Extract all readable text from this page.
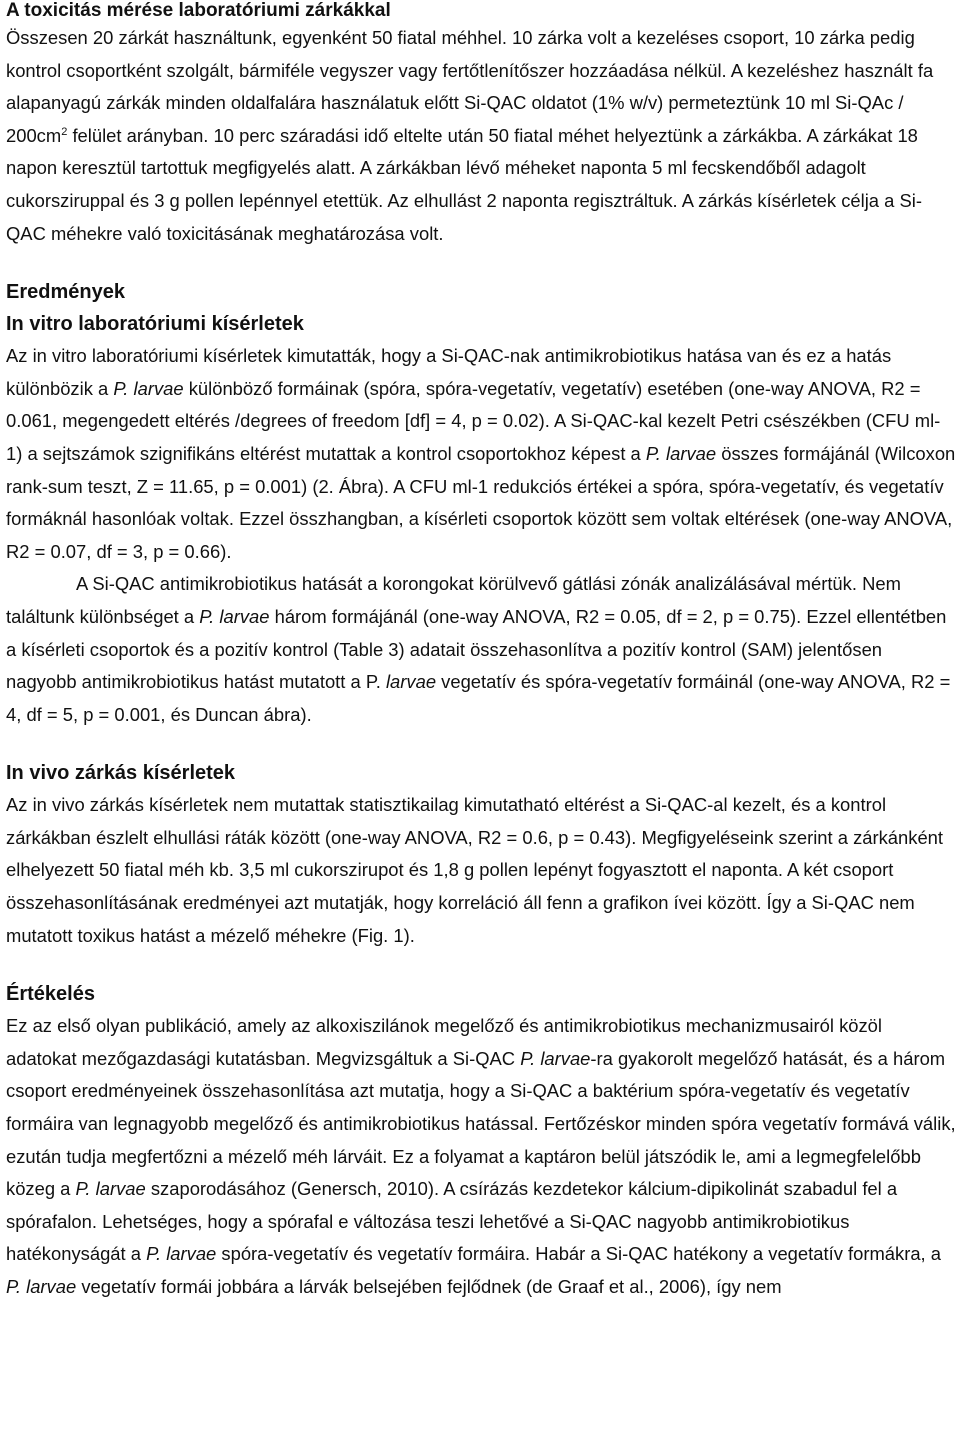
A toxicitás mérése laboratóriumi zárkákkal

Összesen 20 zárkát használtunk, egyenként 50 fiatal méhhel. 10 zárka volt a kezeléses csoport, 10 zárka pedig kontrol csoportként szolgált, bármiféle vegyszer vagy fertőtlenítőszer hozzáadása nélkül. A kezeléshez használt fa alapanyagú zárkák minden oldalfalára használatuk előtt Si-QAC oldatot (1% w/v) permeteztünk 10 ml $Si-QAc / 200cm^2$ felület arányban. 10 perc száradási idő eltelte után 50 fiatal méhet helyeztünk a zárkákba. A zárkákat 18 napon keresztül tartottuk megfigyelés alatt. A zárkákban lévő méheket naponta 5 ml fecskendőből adagolt cukorsziruppal és 3 g pollen lepénnyel etettük. Az elhullást 2 naponta regisztráltuk. A zárkás kísérletek célja a Si-QAC méhekre való toxicitásának meghatározása volt.

Eredmények
In vitro laboratóriumi kísérletek

Az in vitro laboratóriumi kísérletek kimutatták, hogy a Si-QAC-nak antimikrobiotikus hatása van és ez a hatás különbözik a P. larvae különböző formáinak (spóra, spóra-vegetatív, vegetatív) esetében (one-way ANOVA, R2 = 0.061, megengedett eltérés /degrees of freedom [df] = 4, p = 0.02). A Si-QAC-kal kezelt Petri csészékben (CFU ml-1) a sejtszámok szignifikáns eltérést mutattak a kontrol csoportokhoz képest a P. larvae összes formájánál (Wilcoxon rank-sum teszt, Z = 11.65, p = 0.001) (2. Ábra). A CFU ml-1 redukciós értékei a spóra, spóra-vegetatív, és vegetatív formáknál hasonlóak voltak. Ezzel összhangban, a kísérleti csoportok között sem voltak eltérések (one-way ANOVA, R2 = 0.07, df = 3, p = 0.66).

A Si-QAC antimikrobiotikus hatását a korongokat körülvevő gátlási zónák analizálásával mértük. Nem találtunk különbséget a P. larvae három formájánál (one-way ANOVA, R2 = 0.05, df = 2, p = 0.75). Ezzel ellentétben a kísérleti csoportok és a pozitív kontrol (Table 3) adatait összehasonlítva a pozitív kontrol (SAM) jelentősen nagyobb antimikrobiotikus hatást mutatott a P. larvae vegetatív és spóra-vegetatív formáinál (one-way ANOVA, R2 = 4, df = 5, p = 0.001, és Duncan ábra).

In vivo zárkás kísérletek

Az in vivo zárkás kísérletek nem mutattak statisztikailag kimutatható eltérést a Si-QAC-al kezelt, és a kontrol zárkákban észlelt elhullási ráták között (one-way ANOVA, R2 = 0.6, p = 0.43). Megfigyeléseink szerint a zárkánként elhelyezett 50 fiatal méh kb. 3,5 ml cukorszirupot és 1,8 g pollen lepényt fogyasztott el naponta. A két csoport összehasonlításának eredményei azt mutatják, hogy korreláció áll fenn a grafikon ívei között. Így a Si-QAC nem mutatott toxikus hatást a mézelő méhekre (Fig. 1).

Értékelés

Ez az első olyan publikáció, amely az alkoxiszilánok megelőző és antimikrobiotikus mechanizmusairól közöl adatokat mezőgazdasági kutatásban. Megvizsgáltuk a Si-QAC P. larvae-ra gyakorolt megelőző hatását, és a három csoport eredményeinek összehasonlítása azt mutatja, hogy a Si-QAC a baktérium spóra-vegetatív és vegetatív formáira van legnagyobb megelőző és antimikrobiotikus hatással. Fertőzéskor minden spóra vegetatív formává válik, ezután tudja megfertőzni a mézelő méh lárváit. Ez a folyamat a kaptáron belül játszódik le, ami a legmegfelelőbb közeg a P. larvae szaporodásához (Genersch, 2010). A csírázás kezdetekor kálcium-dipikolinát szabadul fel a spórafalon. Lehetséges, hogy a spórafal e változása teszi lehetővé a Si-QAC nagyobb antimikrobiotikus hatékonyságát a P. larvae spóra-vegetatív és vegetatív formáira. Habár a Si-QAC hatékony a vegetatív formákra, a P. larvae vegetatív formái jobbára a lárvák belsejében fejlődnek (de Graaf et al., 2006), így nem
